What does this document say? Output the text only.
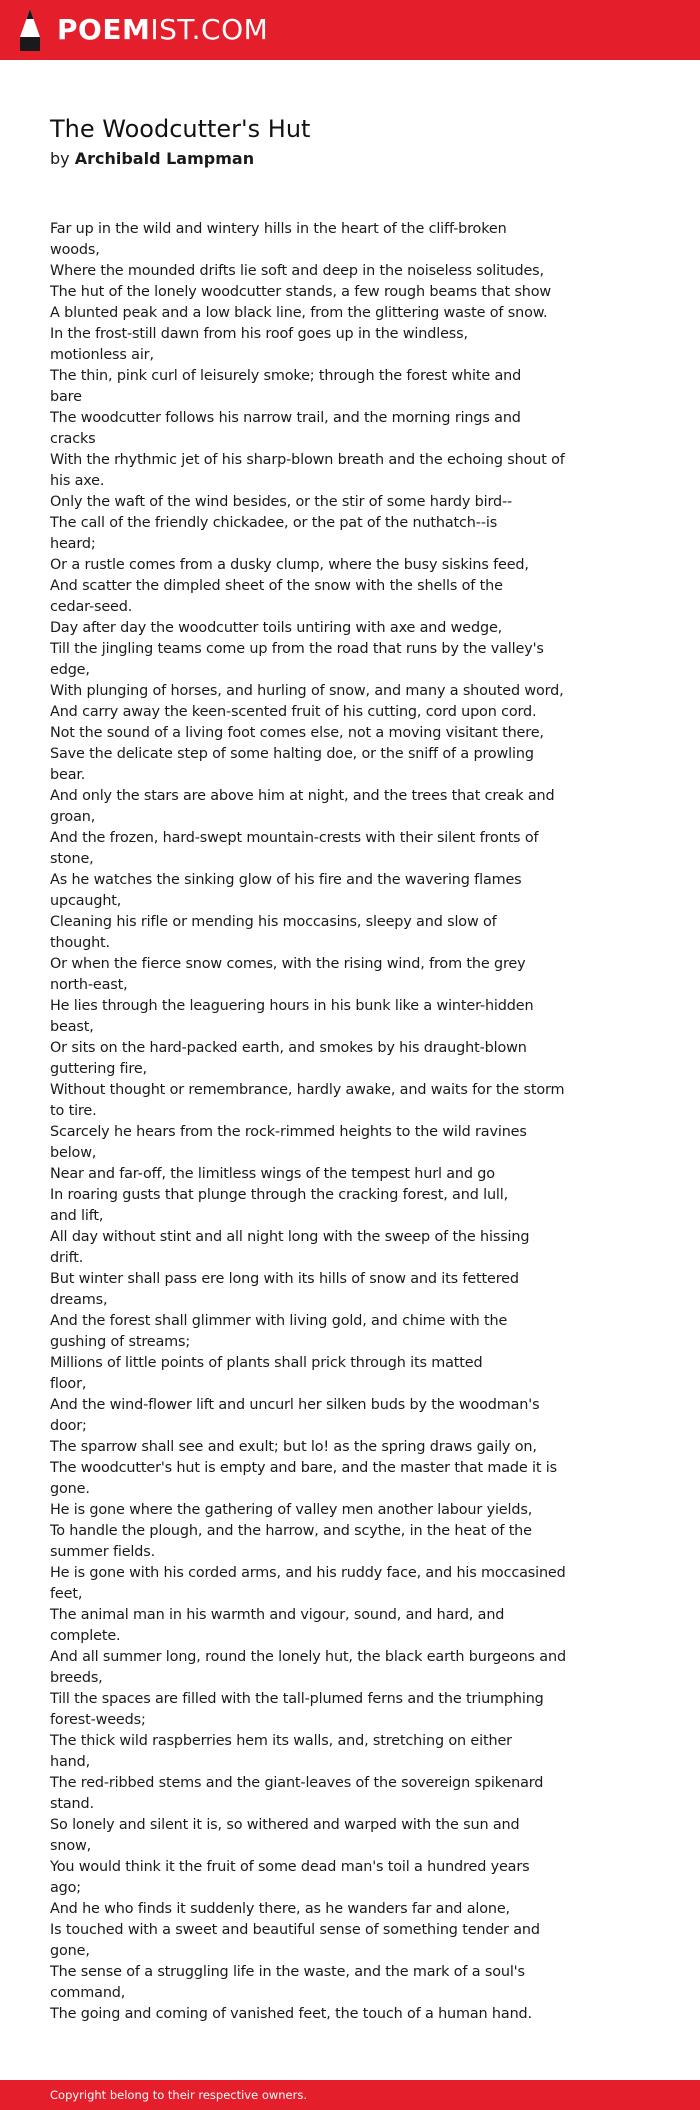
POEMIST.COM
The Woodcutter's Hut
by Archibald Lampman
Far up in the wild and wintery hills in the heart of the cliff-broken
woods,
Where the mounded drifts lie soft and deep in the noiseless solitudes,
The hut of the lonely woodcutter stands, a few rough beams that show
A blunted peak and a low black line, from the glittering waste of snow.
In the frost-still dawn from his roof goes up in the windless,
motionless air,
The thin, pink curl of leisurely smoke; through the forest white and
bare
The woodcutter follows his narrow trail, and the morning rings and
cracks
With the rhythmic jet of his sharp-blown breath and the echoing shout of
his axe.
Only the waft of the wind besides, or the stir of some hardy bird--
The call of the friendly chickadee, or the pat of the nuthatch--is
heard;
Or a rustle comes from a dusky clump, where the busy siskins feed,
And scatter the dimpled sheet of the snow with the shells of the
cedar-seed.
Day after day the woodcutter toils untiring with axe and wedge,
Till the jingling teams come up from the road that runs by the valley's
edge,
With plunging of horses, and hurling of snow, and many a shouted word,
And carry away the keen-scented fruit of his cutting, cord upon cord.
Not the sound of a living foot comes else, not a moving visitant there,
Save the delicate step of some halting doe, or the sniff of a prowling
bear.
And only the stars are above him at night, and the trees that creak and
groan,
And the frozen, hard-swept mountain-crests with their silent fronts of
stone,
As he watches the sinking glow of his fire and the wavering flames
upcaught,
Cleaning his rifle or mending his moccasins, sleepy and slow of
thought.
Or when the fierce snow comes, with the rising wind, from the grey
north-east,
He lies through the leaguering hours in his bunk like a winter-hidden
beast,
Or sits on the hard-packed earth, and smokes by his draught-blown
guttering fire,
Without thought or remembrance, hardly awake, and waits for the storm
to tire.
Scarcely he hears from the rock-rimmed heights to the wild ravines
below,
Near and far-off, the limitless wings of the tempest hurl and go
In roaring gusts that plunge through the cracking forest, and lull,
and lift,
All day without stint and all night long with the sweep of the hissing
drift.
But winter shall pass ere long with its hills of snow and its fettered
dreams,
And the forest shall glimmer with living gold, and chime with the
gushing of streams;
Millions of little points of plants shall prick through its matted
floor,
And the wind-flower lift and uncurl her silken buds by the woodman's
door;
The sparrow shall see and exult; but lo! as the spring draws gaily on,
The woodcutter's hut is empty and bare, and the master that made it is
gone.
He is gone where the gathering of valley men another labour yields,
To handle the plough, and the harrow, and scythe, in the heat of the
summer fields.
He is gone with his corded arms, and his ruddy face, and his moccasined
feet,
The animal man in his warmth and vigour, sound, and hard, and complete.
And all summer long, round the lonely hut, the black earth burgeons and
breeds,
Till the spaces are filled with the tall-plumed ferns and the triumphing
forest-weeds;
The thick wild raspberries hem its walls, and, stretching on either
hand,
The red-ribbed stems and the giant-leaves of the sovereign spikenard
stand.
So lonely and silent it is, so withered and warped with the sun and
snow,
You would think it the fruit of some dead man's toil a hundred years
ago;
And he who finds it suddenly there, as he wanders far and alone,
Is touched with a sweet and beautiful sense of something tender and
gone,
The sense of a struggling life in the waste, and the mark of a soul's
command,
The going and coming of vanished feet, the touch of a human hand.
Copyright belong to their respective owners.
